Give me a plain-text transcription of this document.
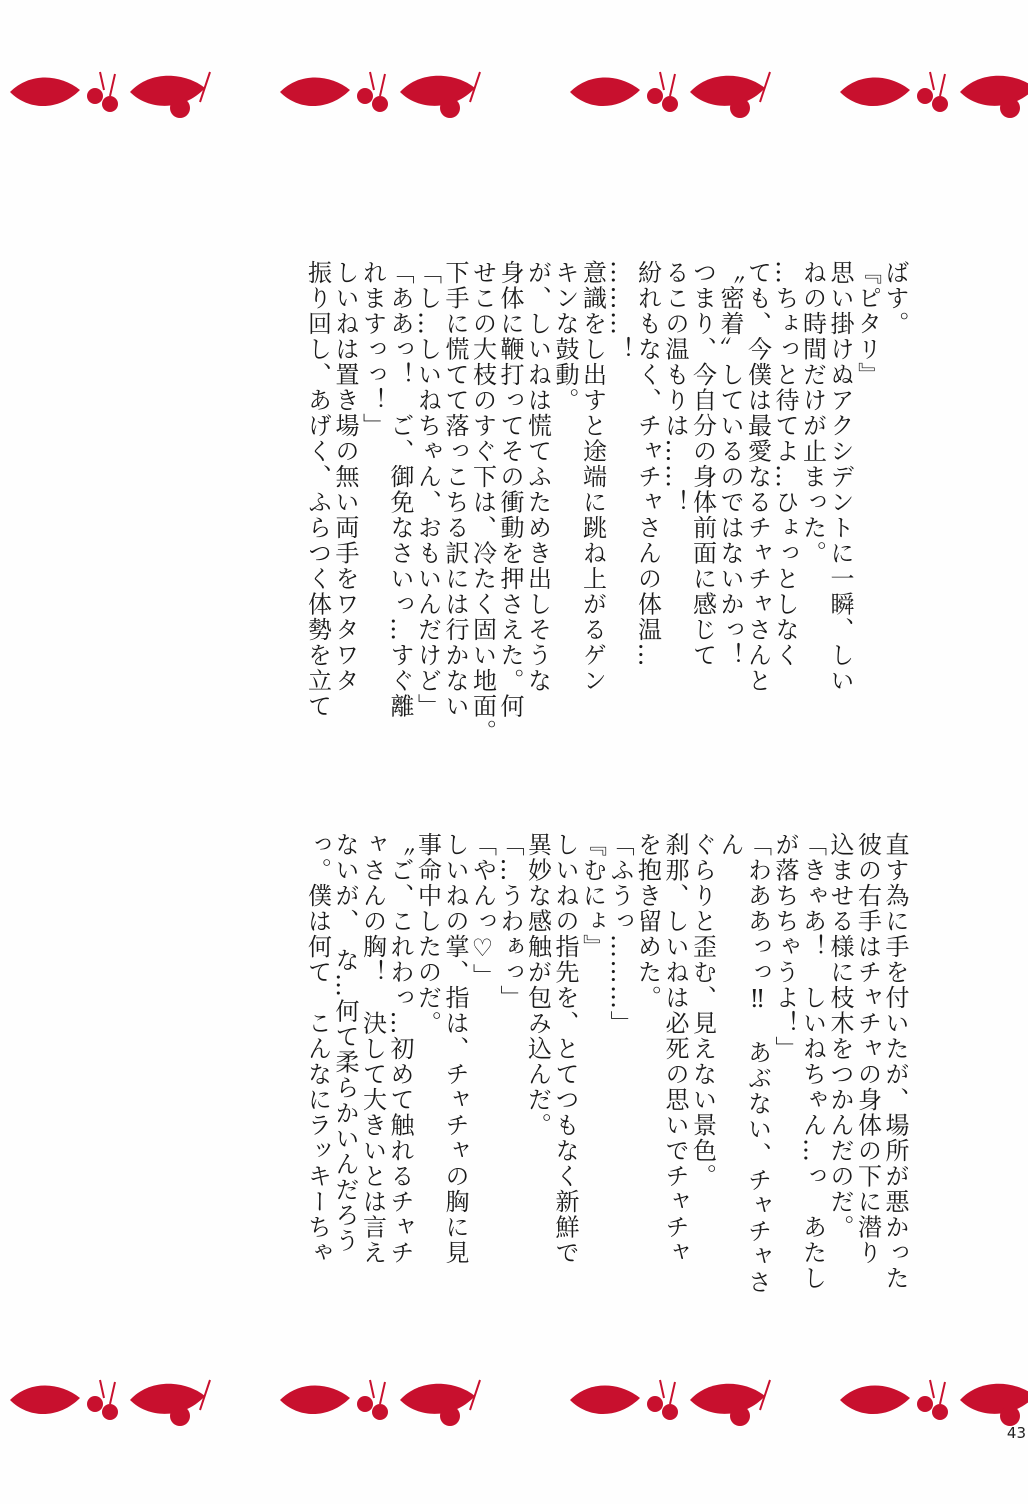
ばす。
『ピタリ』
思い掛けぬアクシデントに一瞬、しい
ねの時間だけが止まった。
…ちょっと待てよ…ひょっとしなく
ても、今僕は最愛なるチャチャさんと
〝密着〟しているのではないかっ！
つまり、今自分の身体前面に感じて
るこの温もりは……！
紛れもなく、チャチャさんの体温…
………！
意識をし出すと途端に跳ね上がるゲン
キンな鼓動。
が、しいねは慌てふためき出しそうな
身体に鞭打ってその衝動を押さえた。何
せこの大枝のすぐ下は、冷たく固い地面。
下手に慌てて落っこちる訳には行かない
「し…しいねちゃん、おもいんだけど」
「ああっ！　ご、御免なさいっ…すぐ離
れますっっ！」
しいねは置き場の無い両手をワタワタ
振り回し、あげく、ふらつく体勢を立て
直す為に手を付いたが、場所が悪かった
彼の右手はチャチャの身体の下に潜り
込ませる様に枝木をつかんだのだ。
「きゃあ！　しいねちゃん…っ　あたし
が落ちちゃうよ！」
「わああっっ‼　あぶない、チャチャさ
ん
ぐらりと歪む、見えない景色。
刹那、しいねは必死の思いでチャチャ
を抱き留めた。
「ふうっ………」
『むにょ』
しいねの指先を、とてつもなく新鮮で
異妙な感触が包み込んだ。
「…うわぁっ」
「やんっ♡」
しいねの掌、指は、チャチャの胸に見
事命中したのだ。
〝ご、これわっ…初めて触れるチャチ
ャさんの胸！　決して大きいとは言え
ないが、　な…何て柔らかいんだろう
っ。僕は何て　こんなにラッキーちゃ
43
